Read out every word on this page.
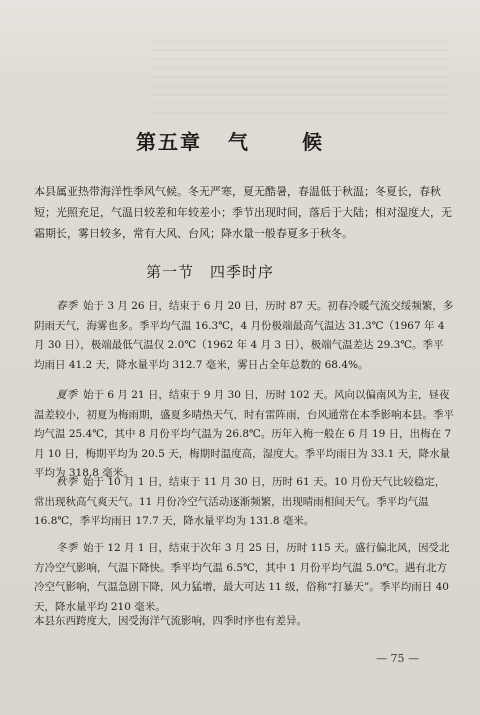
第五章 气	候
本县属亚热带海洋性季风气候。冬无严寒，夏无酷暑，春温低于秋温；冬夏长，春秋短；光照充足，气温日较差和年较差小；季节出现时间，落后于大陆；相对湿度大，无霜期长，雾日较多，常有大风、台风；降水量一般春夏多于秋冬。
第一节　四季时序
春季 始于 3 月 26 日，结束于 6 月 20 日，历时 87 天。初春冷暖气流交绥频繁，多阴雨天气，海雾也多。季平均气温 16.3℃，4 月份极端最高气温达 31.3℃（1967 年 4 月 30 日），极端最低气温仅 2.0℃（1962 年 4 月 3 日），极端气温差达 29.3℃。季平均雨日 41.2 天，降水量平均 312.7 毫米，雾日占全年总数的 68.4%。
夏季 始于 6 月 21 日，结束于 9 月 30 日，历时 102 天。风向以偏南风为主，昼夜温差较小，初夏为梅雨期，盛夏多晴热天气，时有雷阵雨，台风通常在本季影响本县。季平均气温 25.4℃，其中 8 月份平均气温为 26.8℃。历年入梅一般在 6 月 19 日，出梅在 7 月 10 日，梅期平均为 20.5 天，梅期时温度高，湿度大。季平均雨日为 33.1 天，降水量平均为 318.8 毫米。
秋季 始于 10 月 1 日，结束于 11 月 30 日，历时 61 天。10 月份天气比较稳定，常出现秋高气爽天气。11 月份冷空气活动逐渐频繁，出现晴雨相间天气。季平均气温 16.8℃，季平均雨日 17.7 天，降水量平均为 131.8 毫米。
冬季 始于 12 月 1 日，结束于次年 3 月 25 日，历时 115 天。盛行偏北风，因受北方冷空气影响，气温下降快。季平均气温 6.5℃，其中 1 月份平均气温 5.0℃。遇有北方冷空气影响，气温急剧下降，风力猛增，最大可达 11 级，俗称“打暴天”。季平均雨日 40 天，降水量平均 210 毫米。
本县东西跨度大，因受海洋气流影响，四季时序也有差异。
— 75 —
